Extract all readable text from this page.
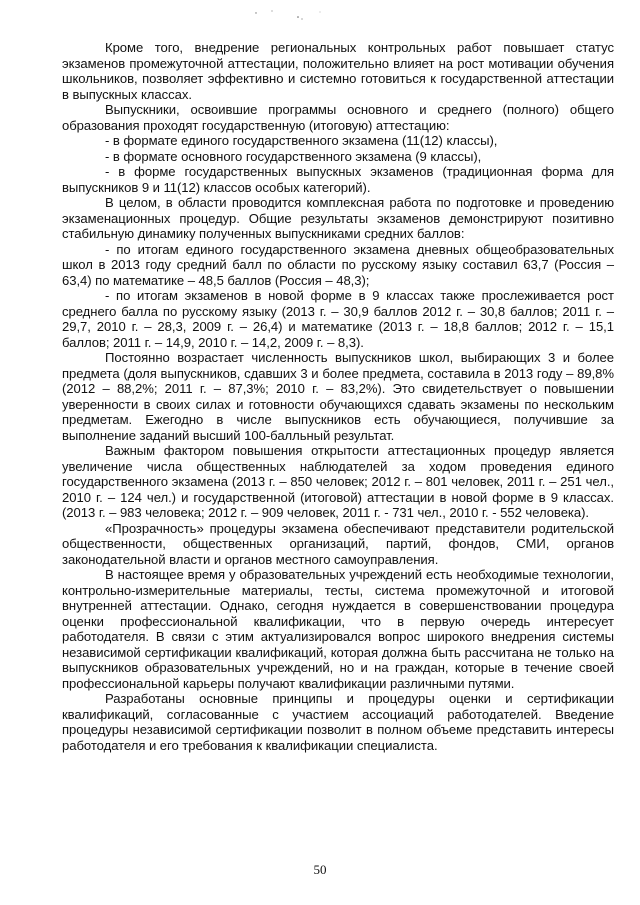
Кроме того, внедрение региональных контрольных работ повышает статус экзаменов промежуточной аттестации, положительно влияет на рост мотивации обучения школьников, позволяет эффективно и системно готовиться к государственной аттестации в выпускных классах.

Выпускники, освоившие программы основного и среднего (полного) общего образования проходят государственную (итоговую) аттестацию:

- в формате единого государственного экзамена (11(12) классы),

- в формате основного государственного экзамена (9 классы),

- в форме государственных выпускных экзаменов (традиционная форма для выпускников 9 и 11(12) классов особых категорий).

В целом, в области проводится комплексная работа по подготовке и проведению экзаменационных процедур. Общие результаты экзаменов демонстрируют позитивно стабильную динамику полученных выпускниками средних баллов:

- по итогам единого государственного экзамена дневных общеобразовательных школ в 2013 году средний балл по области по русскому языку составил 63,7 (Россия – 63,4) по математике – 48,5 баллов (Россия – 48,3);

- по итогам экзаменов в новой форме в 9 классах также прослеживается рост среднего балла по русскому языку (2013 г. – 30,9 баллов 2012 г. – 30,8 баллов; 2011 г. – 29,7, 2010 г. – 28,3, 2009 г. – 26,4) и математике (2013 г. – 18,8 баллов; 2012 г. – 15,1 баллов; 2011 г. – 14,9, 2010 г. – 14,2, 2009 г. – 8,3).

Постоянно возрастает численность выпускников школ, выбирающих 3 и более предмета (доля выпускников, сдавших 3 и более предмета, составила в 2013 году – 89,8% (2012 – 88,2%; 2011 г. – 87,3%; 2010 г. – 83,2%). Это свидетельствует о повышении уверенности в своих силах и готовности обучающихся сдавать экзамены по нескольким предметам. Ежегодно в числе выпускников есть обучающиеся, получившие за выполнение заданий высший 100-балльный результат.

Важным фактором повышения открытости аттестационных процедур является увеличение числа общественных наблюдателей за ходом проведения единого государственного экзамена (2013 г. – 850 человек; 2012 г. – 801 человек, 2011 г. – 251 чел., 2010 г. – 124 чел.) и государственной (итоговой) аттестации в новой форме в 9 классах. (2013 г. – 983 человека; 2012 г. – 909 человек, 2011 г. - 731 чел., 2010 г. - 552 человека).

«Прозрачность» процедуры экзамена обеспечивают представители родительской общественности, общественных организаций, партий, фондов, СМИ, органов законодательной власти и органов местного самоуправления.

В настоящее время у образовательных учреждений есть необходимые технологии, контрольно-измерительные материалы, тесты, система промежуточной и итоговой внутренней аттестации. Однако, сегодня нуждается в совершенствовании процедура оценки профессиональной квалификации, что в первую очередь интересует работодателя. В связи с этим актуализировался вопрос широкого внедрения системы независимой сертификации квалификаций, которая должна быть рассчитана не только на выпускников образовательных учреждений, но и на граждан, которые в течение своей профессиональной карьеры получают квалификации различными путями.

Разработаны основные принципы и процедуры оценки и сертификации квалификаций, согласованные с участием ассоциаций работодателей. Введение процедуры независимой сертификации позволит в полном объеме представить интересы работодателя и его требования к квалификации специалиста.

50
